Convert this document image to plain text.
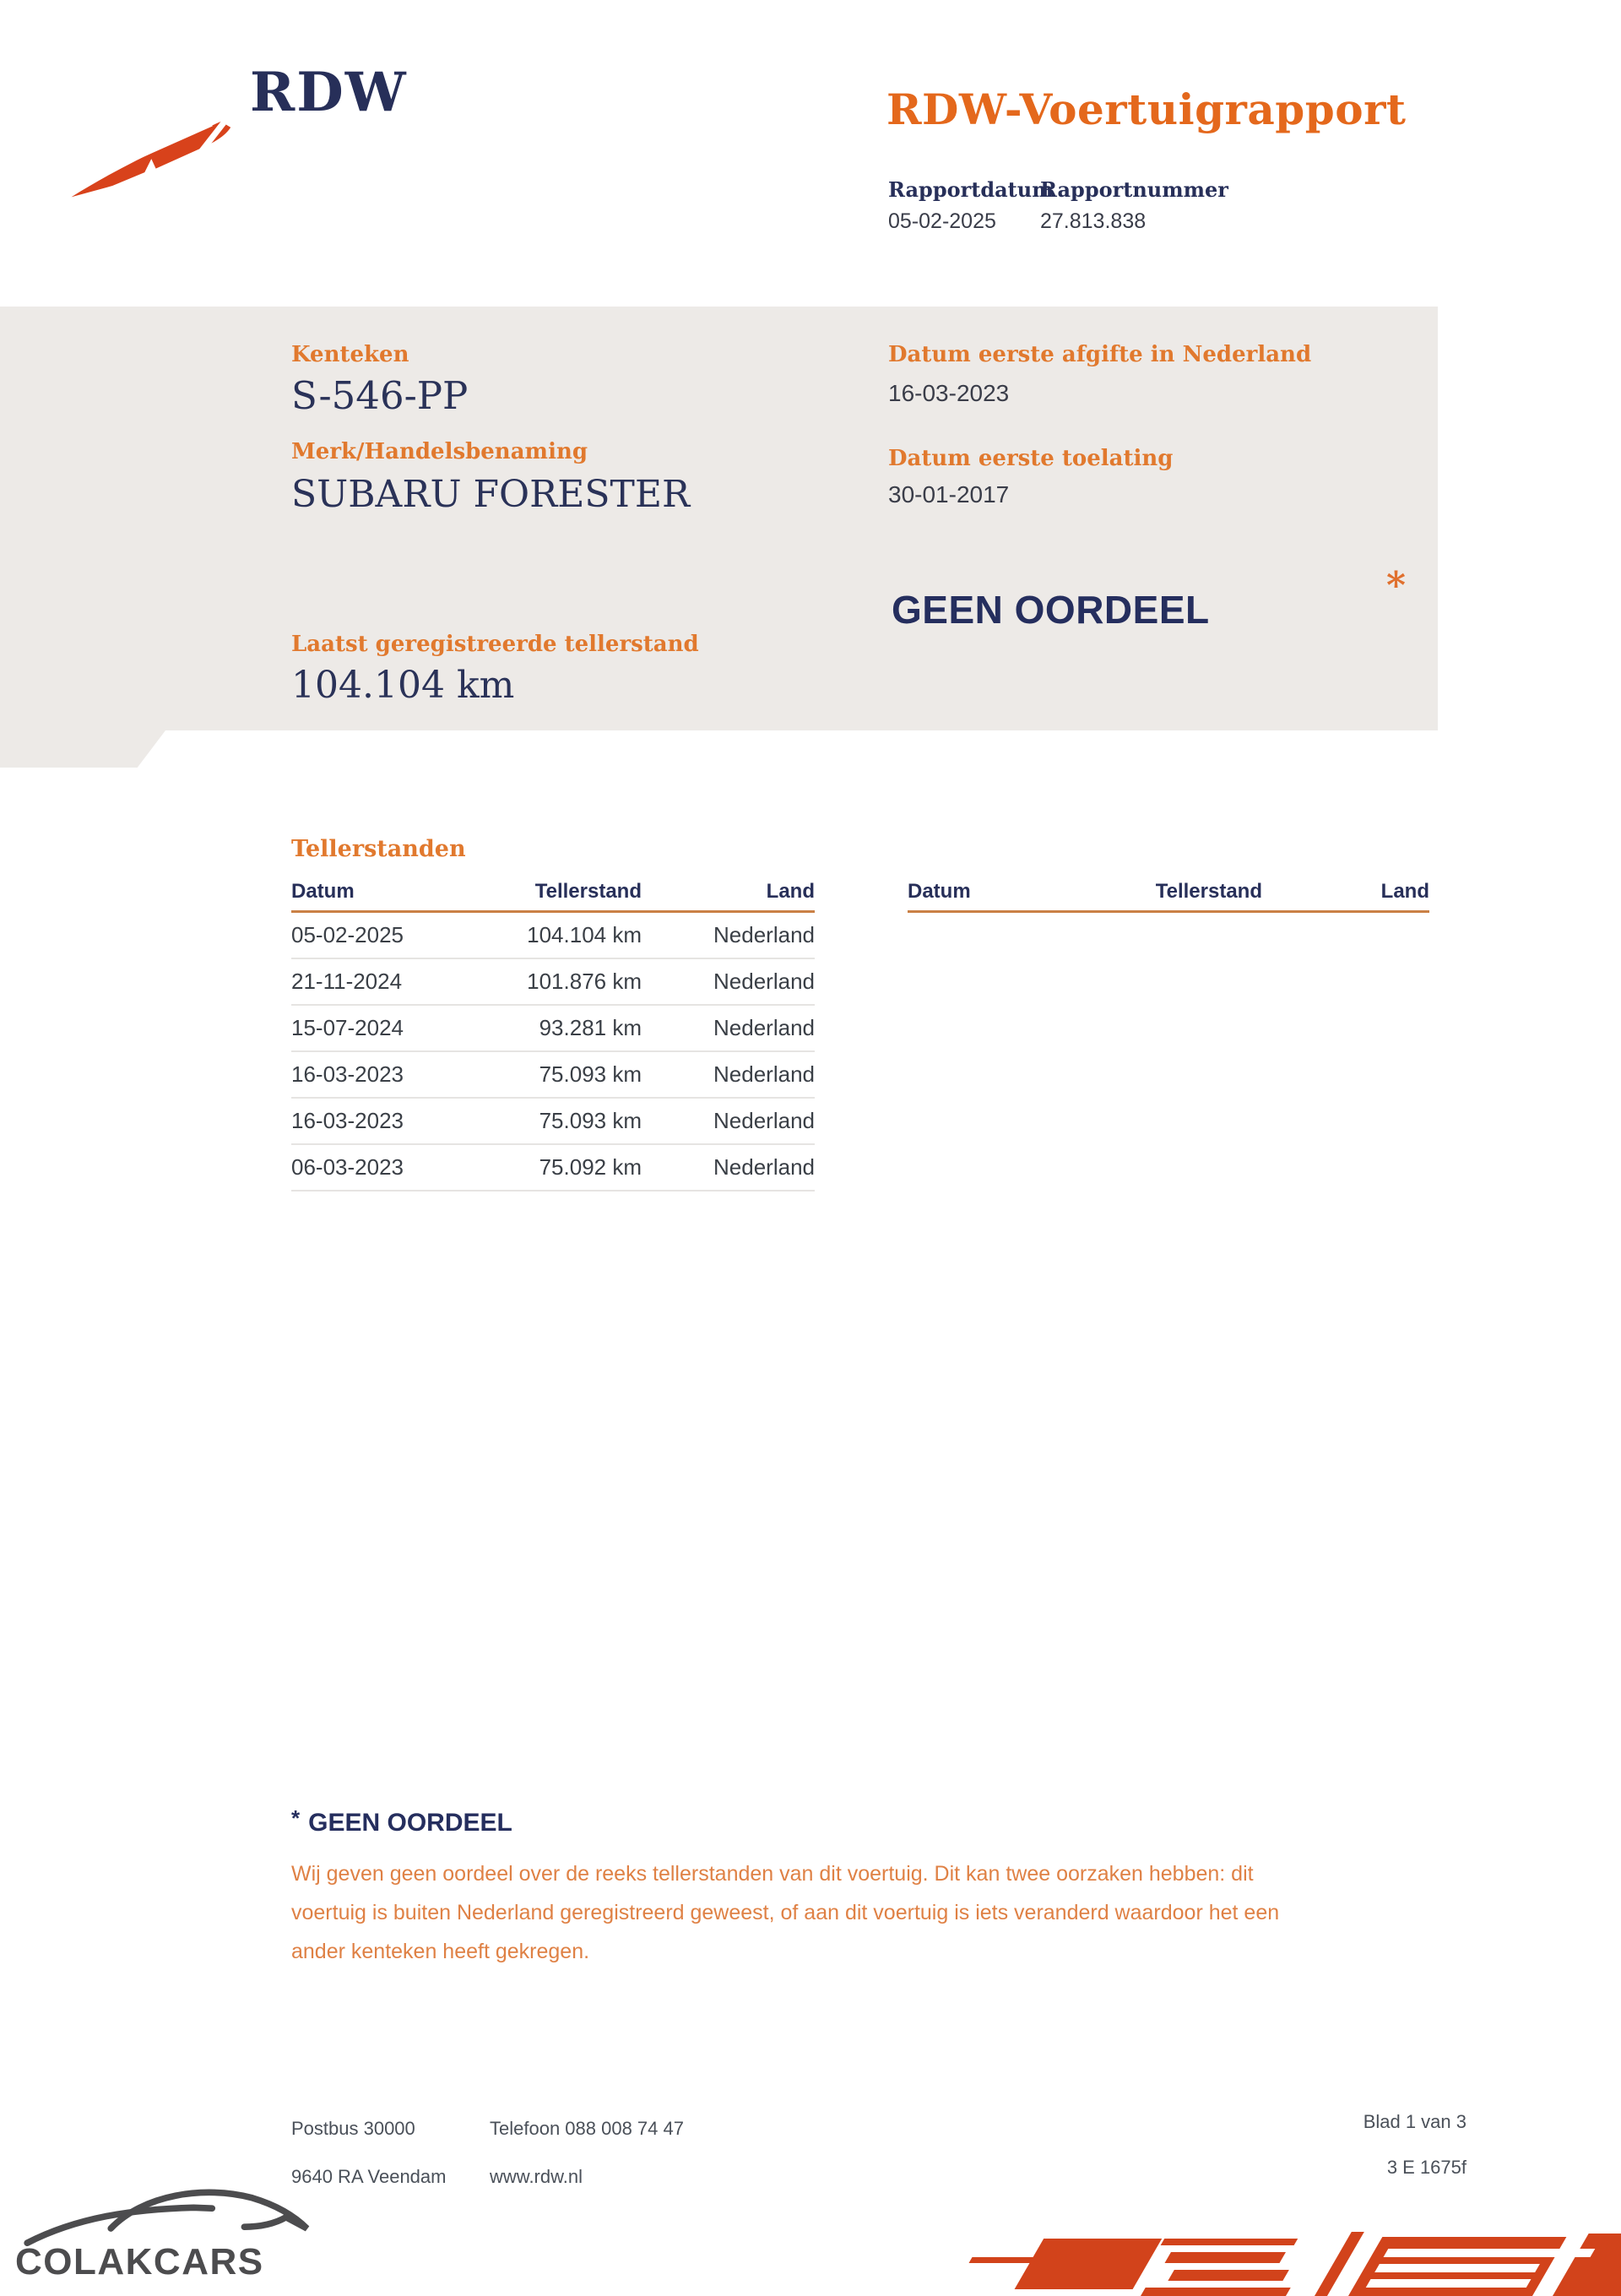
RDW	RDW-Voertuigrapport
Rapportdatum
Rapportnummer
05-02-2025 27.813.838
Kenteken
S-546-PP
Merk/Handelsbenaming
SUBARU FORESTER
Laatst geregistreerde tellerstand
104.104 km
Datum eerste afgifte in Nederland
16-03-2023
Datum eerste toelating
30-01-2017
GEEN OORDEEL
*
Tellerstanden
Datum	Tellerstand	Land
05-02-2025	104.104 km	Nederland
21-11-2024	101.876 km	Nederland
15-07-2024	93.281 km	Nederland
16-03-2023	75.093 km	Nederland
16-03-2023	75.093 km	Nederland
06-03-2023	75.092 km	Nederland
Datum	Tellerstand	Land
* GEEN OORDEEL
Wij geven geen oordeel over de reeks tellerstanden van dit voertuig. Dit kan twee oorzaken hebben: dit
voertuig is buiten Nederland geregistreerd geweest, of aan dit voertuig is iets veranderd waardoor het een
ander kenteken heeft gekregen.
Postbus 30000
9640 RA Veendam
Telefoon 088 008 74 47
www.rdw.nl
Blad 1 van 3
3 E 1675f
COLAKCARS
